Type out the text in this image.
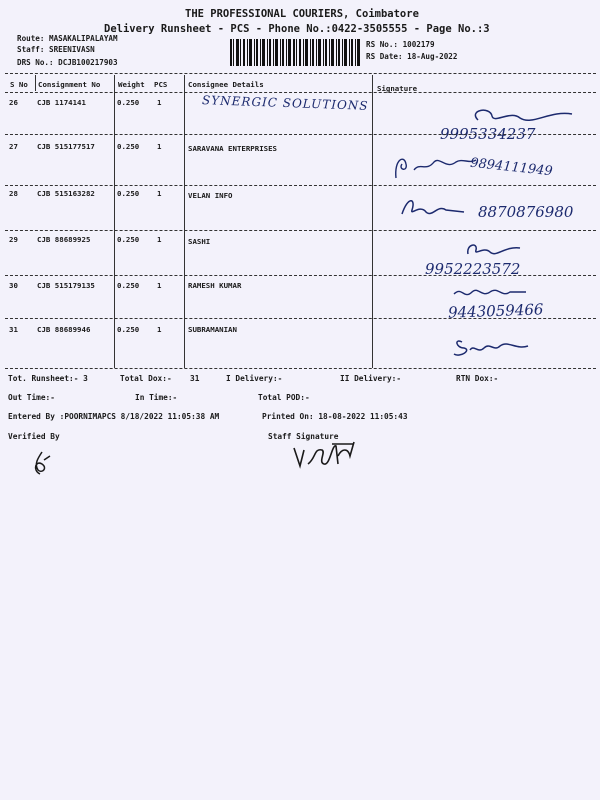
THE PROFESSIONAL COURIERS, Coimbatore
Delivery Runsheet - PCS - Phone No.:0422-3505555 - Page No.:3
Route: MASAKALIPALAYAM
Staff: SREENIVASN
DRS No.: DCJB100217903
RS No.: 1002179
RS Date: 18-Aug-2022
S No Consignment No Weight PCS	Consignee Details	Signature
26	CJB 1174141	0.250 1	SYNERGIC SOLUTIONS
9995334237
27	CJB 515177517	0.250 1	SARAVANA ENTERPRISES
9894111949
28	CJB 515163282	0.250 1	VELAN INFO
8870876980
29	CJB 88689925	0.250 1	SASHI
9952223572
30	CJB 515179135	0.250 1	RAMESH KUMAR
9443059466
31	CJB 88689946	0.250 1	SUBRAMANIAN
Tot. Runsheet:- 3	Total Dox:- 31	I Delivery:-	II Delivery:-	RTN Dox:-
Out Time:-	In Time:-	Total POD:-
Entered By :POORNIMAPCS 8/18/2022 11:05:38 AM	Printed On: 18-08-2022 11:05:43
Verified By	Staff Signature
